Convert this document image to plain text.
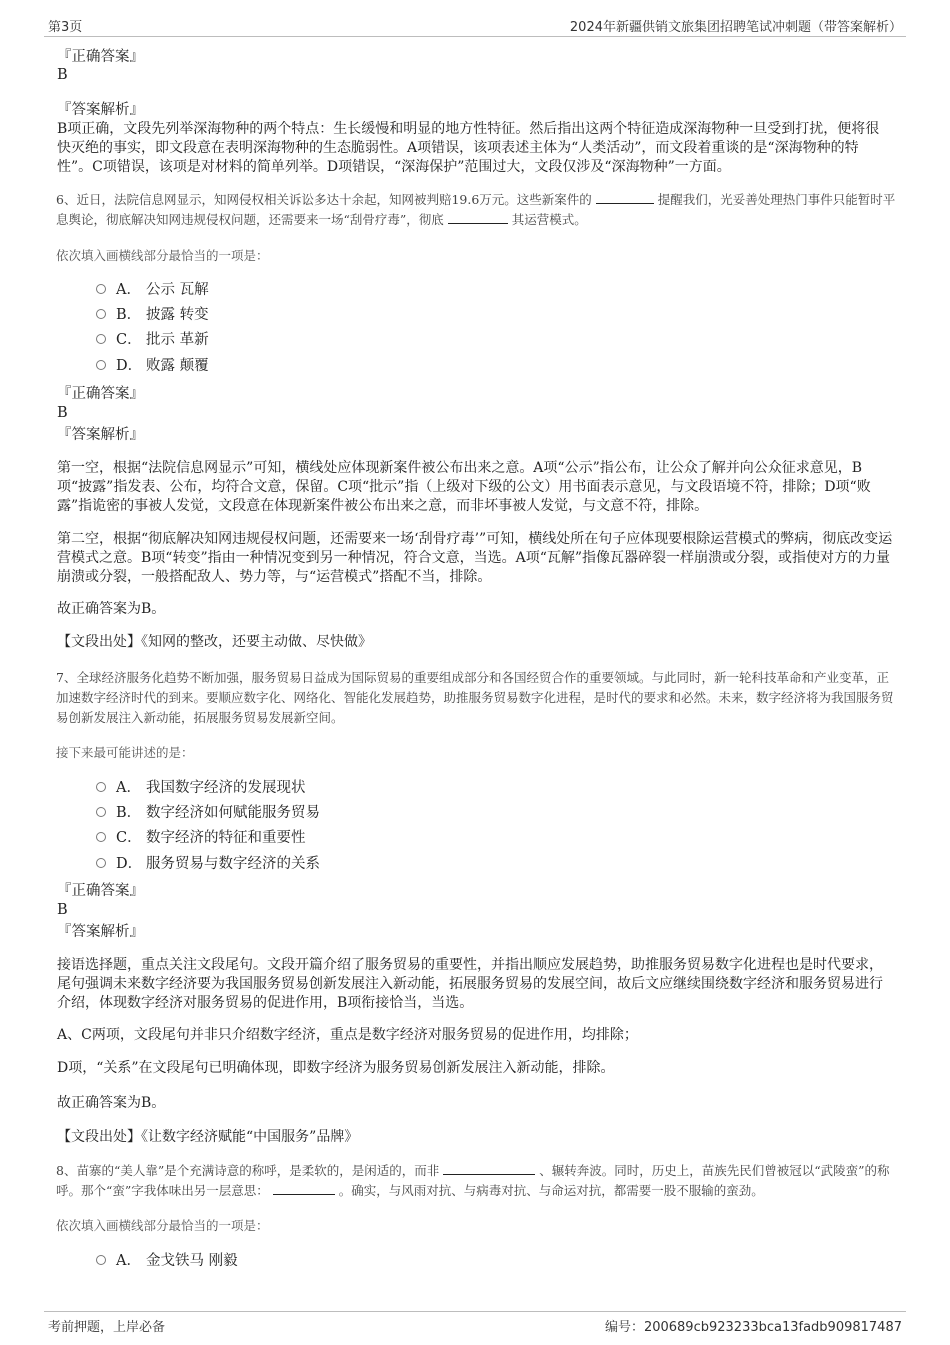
第3页	2024年新疆供销文旅集团招聘笔试冲刺题（带答案解析）
『正确答案』
B
『答案解析』

B项正确，文段先列举深海物种的两个特点：生长缓慢和明显的地方性特征。然后指出这两个特征造成深海物种一旦受到打扰，便将很快灭绝的事实，即文段意在表明深海物种的生态脆弱性。A项错误，该项表述主体为“人类活动”，而文段着重谈的是“深海物种的特性”。C项错误，该项是对材料的简单列举。D项错误，“深海保护”范围过大，文段仅涉及“深海物种”一方面。

6、近日，法院信息网显示，知网侵权相关诉讼多达十余起，知网被判赔19.6万元。这些新案件的	提醒我们，光妥善处理热门事件只能暂时平息舆论，彻底解决知网违规侵权问题，还需要来一场“刮骨疗毒”，彻底	其运营模式。

依次填入画横线部分最恰当的一项是：
A． 公示 瓦解
B． 披露 转变
C． 批示 革新
D． 败露 颠覆
『正确答案』
B
『答案解析』

第一空，根据“法院信息网显示”可知，横线处应体现新案件被公布出来之意。A项“公示”指公布，让公众了解并向公众征求意见，B项“披露”指发表、公布，均符合文意，保留。C项“批示”指（上级对下级的公文）用书面表示意见，与文段语境不符，排除；D项“败露”指诡密的事被人发觉，文段意在体现新案件被公布出来之意，而非坏事被人发觉，与文意不符，排除。

第二空，根据“彻底解决知网违规侵权问题，还需要来一场‘刮骨疗毒’”可知，横线处所在句子应体现要根除运营模式的弊病，彻底改变运营模式之意。B项“转变”指由一种情况变到另一种情况，符合文意，当选。A项“瓦解”指像瓦器碎裂一样崩溃或分裂，或指使对方的力量崩溃或分裂，一般搭配敌人、势力等，与“运营模式”搭配不当，排除。

故正确答案为B。

【文段出处】《知网的整改，还要主动做、尽快做》

7、全球经济服务化趋势不断加强，服务贸易日益成为国际贸易的重要组成部分和各国经贸合作的重要领域。与此同时，新一轮科技革命和产业变革，正加速数字经济时代的到来。要顺应数字化、网络化、智能化发展趋势，助推服务贸易数字化进程，是时代的要求和必然。未来，数字经济将为我国服务贸易创新发展注入新动能，拓展服务贸易发展新空间。

接下来最可能讲述的是：
A． 我国数字经济的发展现状
B． 数字经济如何赋能服务贸易
C． 数字经济的特征和重要性
D． 服务贸易与数字经济的关系
『正确答案』
B
『答案解析』

接语选择题，重点关注文段尾句。文段开篇介绍了服务贸易的重要性，并指出顺应发展趋势，助推服务贸易数字化进程也是时代要求，尾句强调未来数字经济要为我国服务贸易创新发展注入新动能，拓展服务贸易的发展空间，故后文应继续围绕数字经济和服务贸易进行介绍，体现数字经济对服务贸易的促进作用，B项衔接恰当，当选。

A、C两项，文段尾句并非只介绍数字经济，重点是数字经济对服务贸易的促进作用，均排除；

D项，“关系”在文段尾句已明确体现，即数字经济为服务贸易创新发展注入新动能，排除。

故正确答案为B。

【文段出处】《让数字经济赋能“中国服务”品牌》

8、苗寨的“美人靠”是个充满诗意的称呼，是柔软的，是闲适的，而非	、辗转奔波。同时，历史上，苗族先民们曾被冠以“武陵蛮”的称呼。那个“蛮”字我体味出另一层意思：	。确实，与风雨对抗、与病毒对抗、与命运对抗，都需要一股不服输的蛮劲。

依次填入画横线部分最恰当的一项是：
A． 金戈铁马 刚毅
考前押题，上岸必备	编号：200689cb923233bca13fadb909817487
